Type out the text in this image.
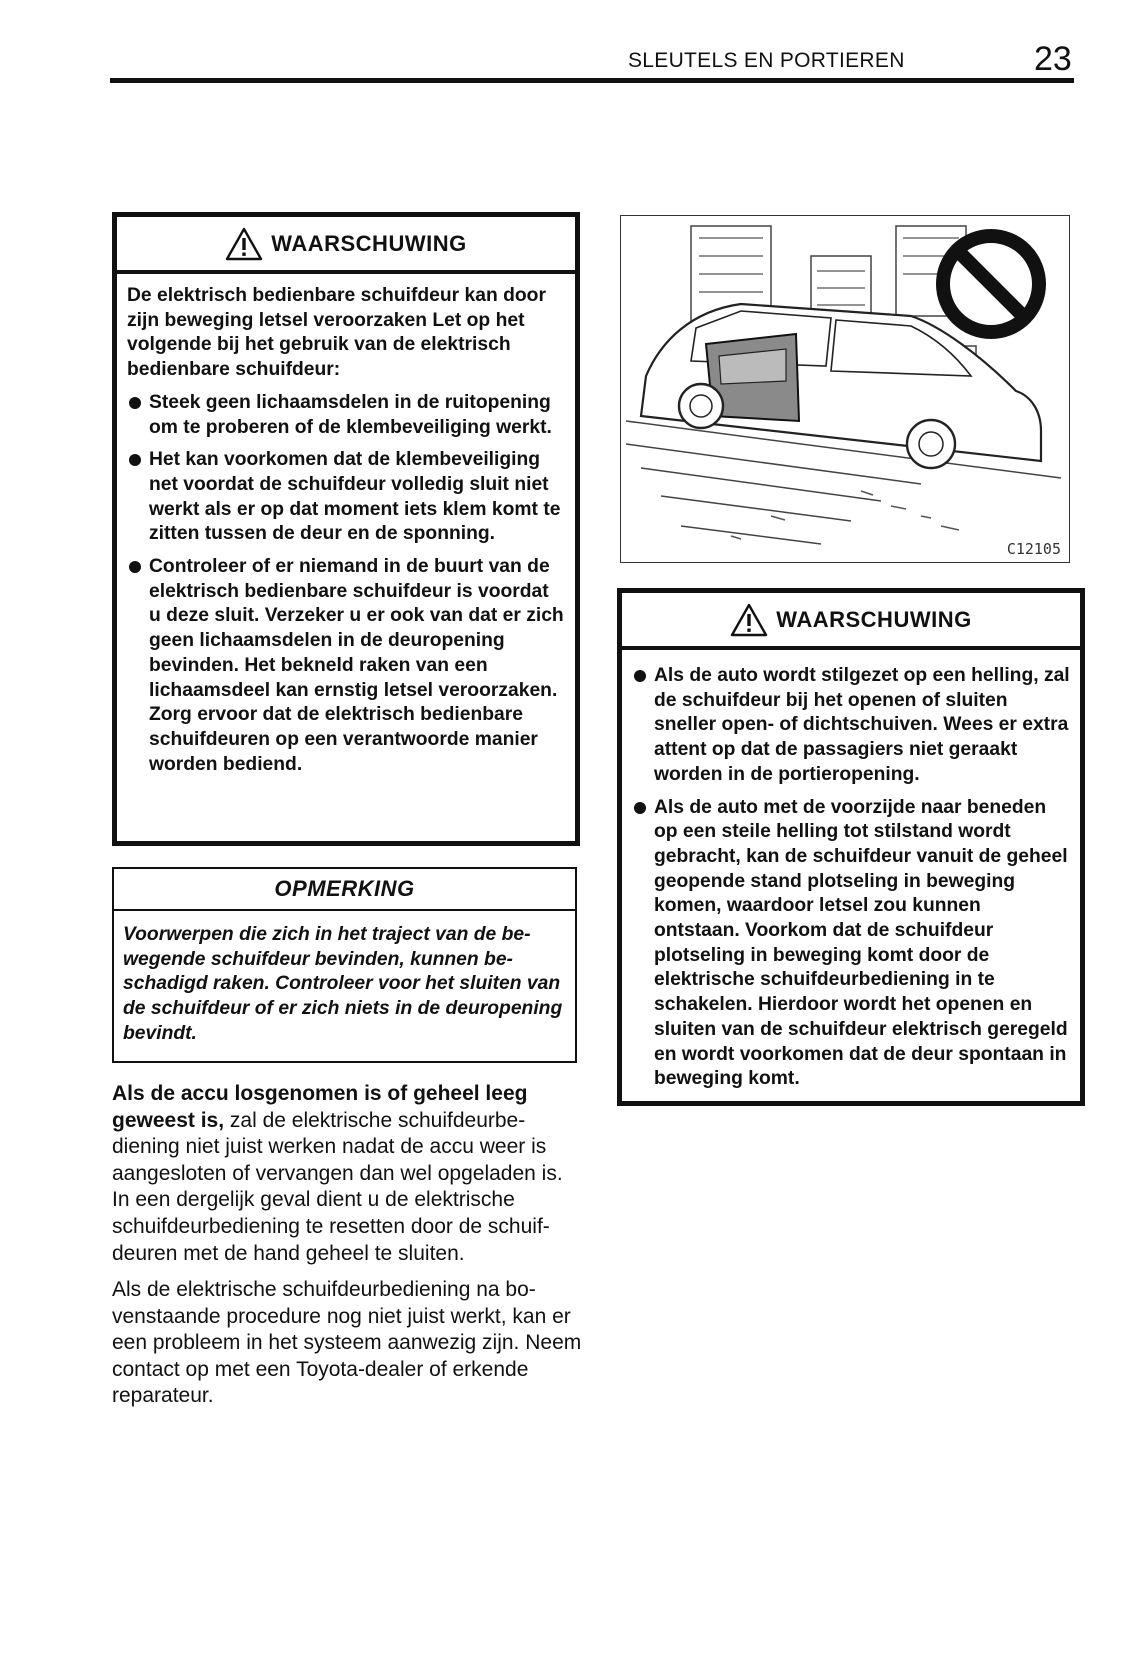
SLEUTELS EN PORTIEREN	23
WAARSCHUWING

De elektrisch bedienbare schuifdeur kan door zijn beweging letsel veroorzaken Let op het volgende bij het gebruik van de elektrisch bedienbare schuifdeur:

Steek geen lichaamsdelen in de ruitopening om te proberen of de klembeveiliging werkt.
Het kan voorkomen dat de klembeveiliging net voordat de schuifdeur volledig sluit niet werkt als er op dat moment iets klem komt te zitten tussen de deur en de sponning.
Controleer of er niemand in de buurt van de elektrisch bedienbare schuifdeur is voordat u deze sluit. Verzeker u er ook van dat er zich geen lichaamsdelen in de deuropening bevinden. Het bekneld raken van een lichaamsdeel kan ernstig letsel veroorzaken. Zorg ervoor dat de elektrisch bedienbare schuifdeuren op een verantwoorde manier worden bediend.
OPMERKING
Voorwerpen die zich in het traject van de bewegende schuifdeur bevinden, kunnen beschadigd raken. Controleer voor het sluiten van de schuifdeur of er zich niets in de deuropening bevindt.

Als de accu losgenomen is of geheel leeg geweest is, zal de elektrische schuifdeurbediening niet juist werken nadat de accu weer is aangesloten of vervangen dan wel opgeladen is. In een dergelijk geval dient u de elektrische schuifdeurbediening te resetten door de schuifdeuren met de hand geheel te sluiten.

Als de elektrische schuifdeurbediening na bovenstaande procedure nog niet juist werkt, kan er een probleem in het systeem aanwezig zijn. Neem contact op met een Toyota‑dealer of erkende reparateur.

C12105
WAARSCHUWING
Als de auto wordt stilgezet op een helling, zal de schuifdeur bij het openen of sluiten sneller open‑ of dichtschuiven. Wees er extra attent op dat de passagiers niet geraakt worden in de portieropening.
Als de auto met de voorzijde naar beneden op een steile helling tot stilstand wordt gebracht, kan de schuifdeur vanuit de geheel geopende stand plotseling in beweging komen, waardoor letsel zou kunnen ontstaan. Voorkom dat de schuifdeur plotseling in beweging komt door de elektrische schuifdeurbediening in te schakelen. Hierdoor wordt het openen en sluiten van de schuifdeur elektrisch geregeld en wordt voorkomen dat de deur spontaan in beweging komt.
